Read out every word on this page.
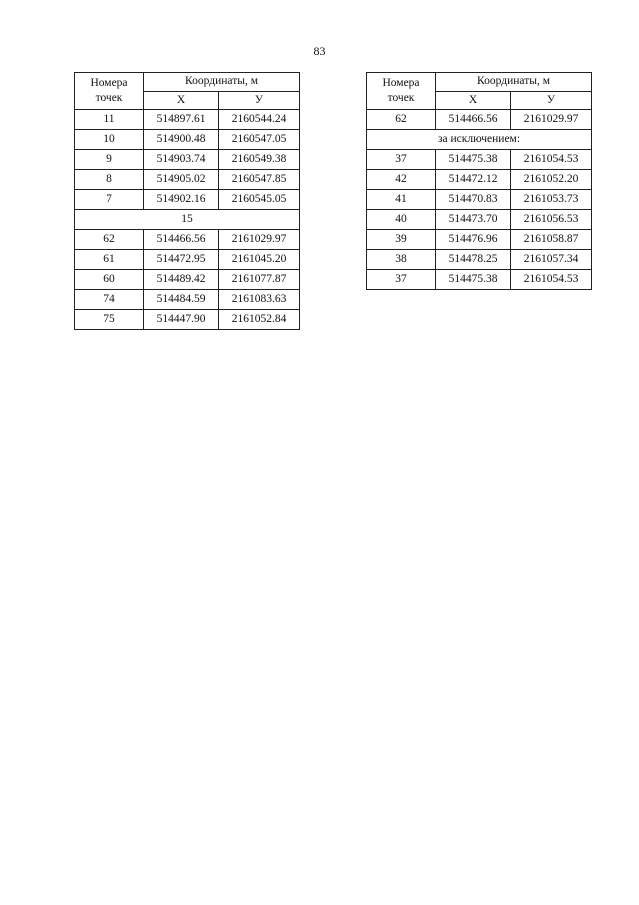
83
Номера
точек	Координаты, м	
	Х	У
11	514897.61	2160544.24
10	514900.48	2160547.05
9	514903.74	2160549.38
8	514905.02	2160547.85
7	514902.16	2160545.05
15		
62	514466.56	2161029.97
61	514472.95	2161045.20
60	514489.42	2161077.87
74	514484.59	2161083.63
75	514447.90	2161052.84
Номера
точек	Координаты, м	
	Х	У
62	514466.56	2161029.97
за исключением:		
37	514475.38	2161054.53
42	514472.12	2161052.20
41	514470.83	2161053.73
40	514473.70	2161056.53
39	514476.96	2161058.87
38	514478.25	2161057.34
37	514475.38	2161054.53
